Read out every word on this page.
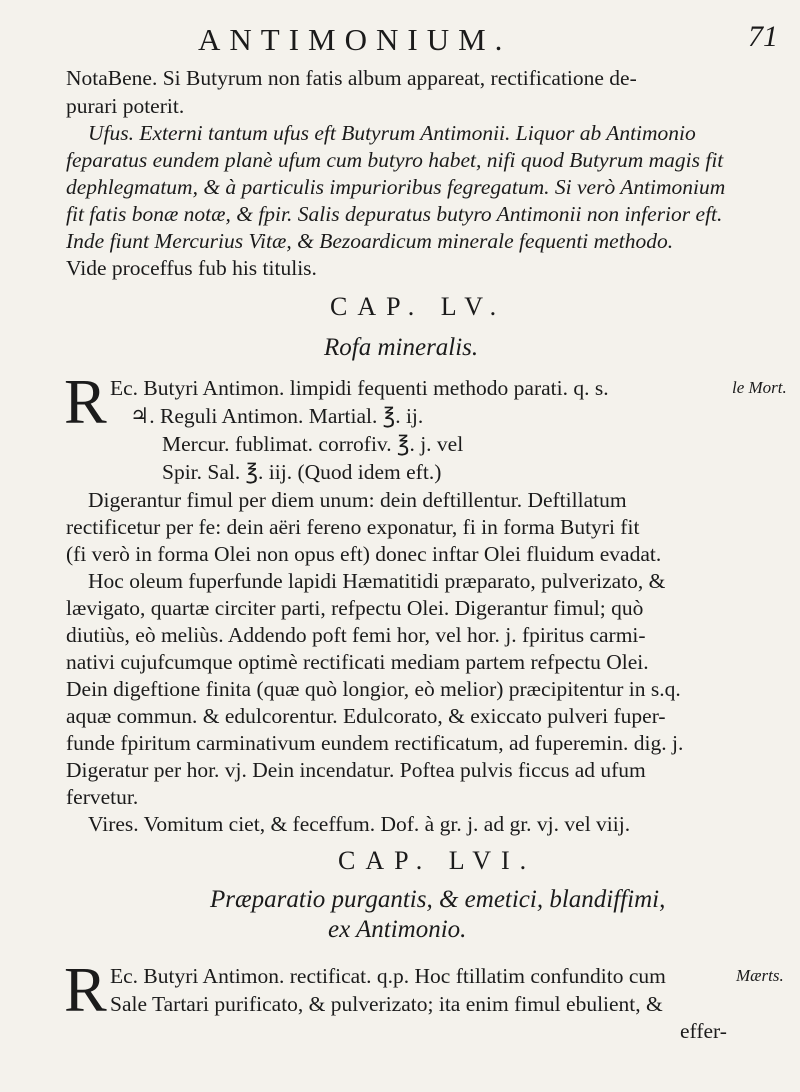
ANTIMONIUM.	71
NotaBene. Si Butyrum non fatis album appareat, rectificatione de-
purari poterit.
Ufus. Externi tantum ufus eft Butyrum Antimonii. Liquor ab Antimonio
feparatus eundem planè ufum cum butyro habet, nifi quod Butyrum magis fit
dephlegmatum, & à particulis impurioribus fegregatum. Si verò Antimonium
fit fatis bonæ notæ, & fpir. Salis depuratus butyro Antimonii non inferior eft.
Inde fiunt Mercurius Vitæ, & Bezoardicum minerale fequenti methodo.
Vide proceffus fub his titulis.
CAP. LV.
Rofa mineralis.
le Mort.
R Ec. Butyri Antimon. limpidi fequenti methodo parati. q. s.
♃. Reguli Antimon. Martial. ℥. ij.
Mercur. fublimat. corrofiv. ℥. j. vel
Spir. Sal. ℥. iij. (Quod idem eft.)
Digerantur fimul per diem unum: dein deftillentur. Deftillatum
rectificetur per fe: dein aëri fereno exponatur, fi in forma Butyri fit
(fi verò in forma Olei non opus eft) donec inftar Olei fluidum evadat.
Hoc oleum fuperfunde lapidi Hæmatitidi præparato, pulverizato, &
lævigato, quartæ circiter parti, refpectu Olei. Digerantur fimul; quò
diutiùs, eò meliùs. Addendo poft femi hor, vel hor. j. fpiritus carmi-
nativi cujufcumque optimè rectificati mediam partem refpectu Olei.
Dein digeftione finita (quæ quò longior, eò melior) præcipitentur in s.q.
aquæ commun. & edulcorentur. Edulcorato, & exiccato pulveri fuper-
funde fpiritum carminativum eundem rectificatum, ad fuperemin. dig. j.
Digeratur per hor. vj. Dein incendatur. Poftea pulvis ficcus ad ufum
fervetur.
Vires. Vomitum ciet, & feceffum. Dof. à gr. j. ad gr. vj. vel viij.
CAP. LVI.
Præparatio purgantis, & emetici, blandiffimi,
ex Antimonio.
Mærts.
R Ec. Butyri Antimon. rectificat. q.p. Hoc ftillatim confundito cum
Sale Tartari purificato, & pulverizato; ita enim fimul ebulient, &
effer-
